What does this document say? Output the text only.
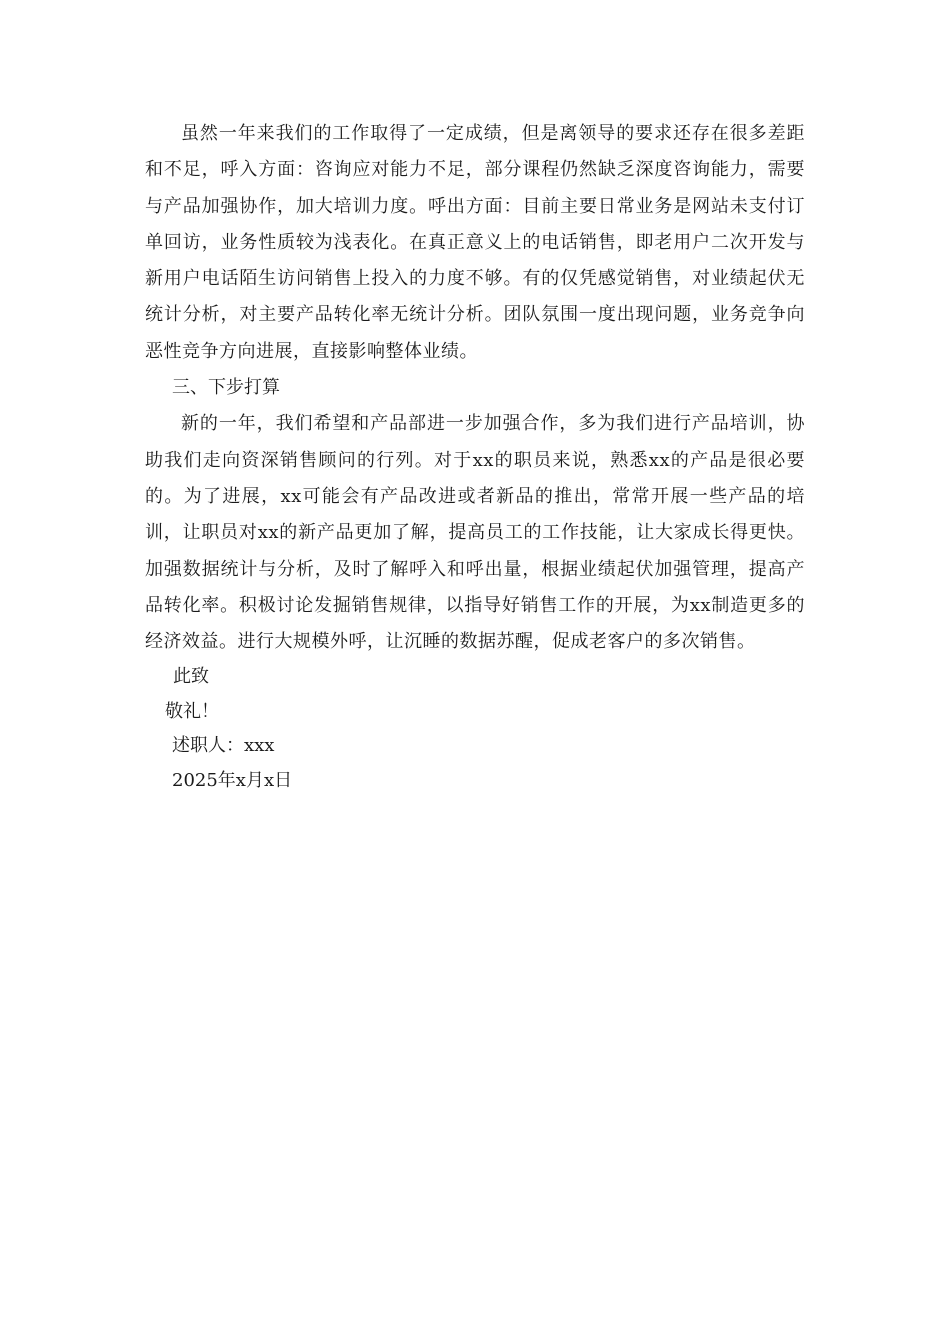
虽然一年来我们的工作取得了一定成绩，但是离领导的要求还存在很多差距和不足，呼入方面：咨询应对能力不足，部分课程仍然缺乏深度咨询能力，需要与产品加强协作，加大培训力度。呼出方面：目前主要日常业务是网站未支付订单回访，业务性质较为浅表化。在真正意义上的电话销售，即老用户二次开发与新用户电话陌生访问销售上投入的力度不够。有的仅凭感觉销售，对业绩起伏无统计分析，对主要产品转化率无统计分析。团队氛围一度出现问题，业务竞争向恶性竞争方向进展，直接影响整体业绩。

三、下步打算

新的一年，我们希望和产品部进一步加强合作，多为我们进行产品培训，协助我们走向资深销售顾问的行列。对于xx的职员来说，熟悉xx的产品是很必要的。为了进展，xx可能会有产品改进或者新品的推出，常常开展一些产品的培训，让职员对xx的新产品更加了解，提高员工的工作技能，让大家成长得更快。加强数据统计与分析，及时了解呼入和呼出量，根据业绩起伏加强管理，提高产品转化率。积极讨论发掘销售规律，以指导好销售工作的开展，为xx制造更多的经济效益。进行大规模外呼，让沉睡的数据苏醒，促成老客户的多次销售。

此致

敬礼！

述职人：xxx

2025年x月x日
